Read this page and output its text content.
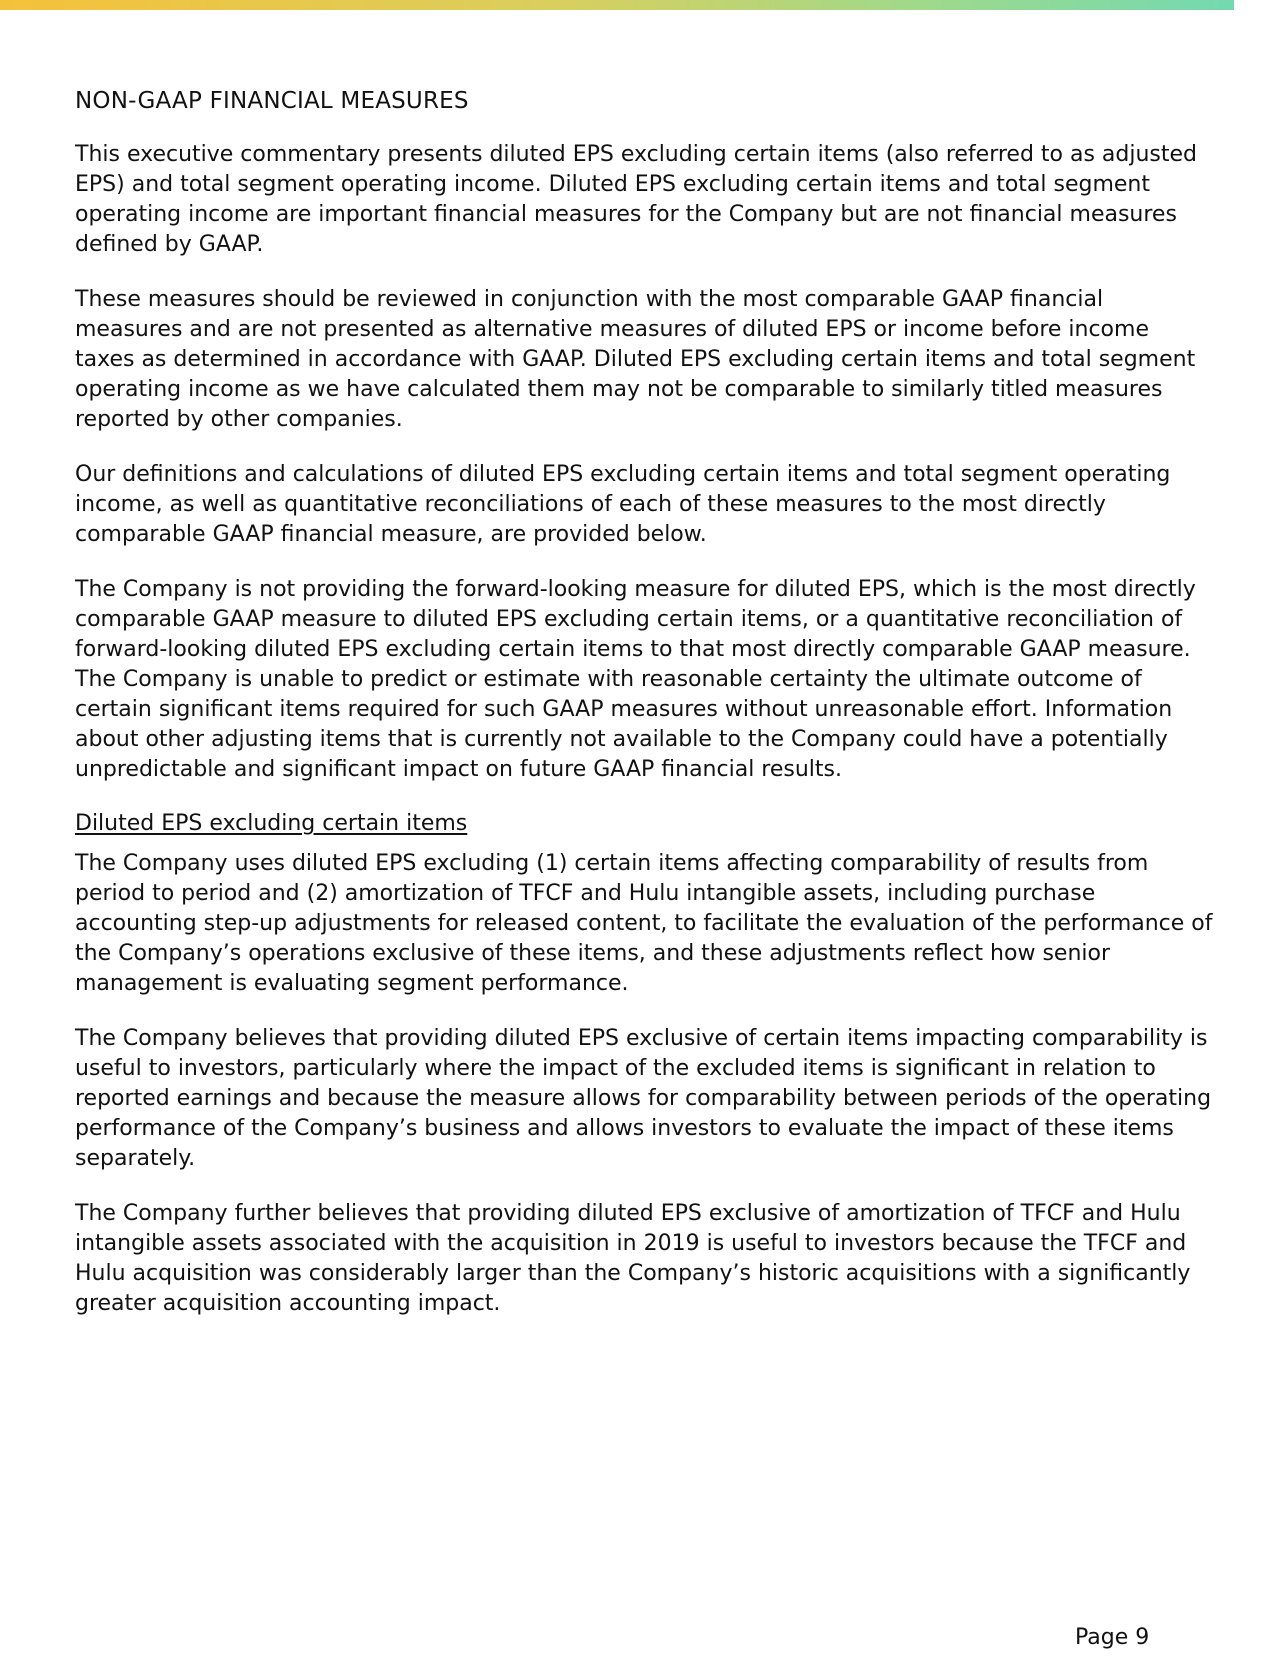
NON-GAAP FINANCIAL MEASURES

This executive commentary presents diluted EPS excluding certain items (also referred to as adjusted EPS) and total segment operating income. Diluted EPS excluding certain items and total segment operating income are important financial measures for the Company but are not financial measures defined by GAAP.

These measures should be reviewed in conjunction with the most comparable GAAP financial measures and are not presented as alternative measures of diluted EPS or income before income taxes as determined in accordance with GAAP. Diluted EPS excluding certain items and total segment operating income as we have calculated them may not be comparable to similarly titled measures reported by other companies.

Our definitions and calculations of diluted EPS excluding certain items and total segment operating income, as well as quantitative reconciliations of each of these measures to the most directly comparable GAAP financial measure, are provided below.

The Company is not providing the forward-looking measure for diluted EPS, which is the most directly comparable GAAP measure to diluted EPS excluding certain items, or a quantitative reconciliation of forward-looking diluted EPS excluding certain items to that most directly comparable GAAP measure. The Company is unable to predict or estimate with reasonable certainty the ultimate outcome of certain significant items required for such GAAP measures without unreasonable effort. Information about other adjusting items that is currently not available to the Company could have a potentially unpredictable and significant impact on future GAAP financial results.

Diluted EPS excluding certain items

The Company uses diluted EPS excluding (1) certain items affecting comparability of results from period to period and (2) amortization of TFCF and Hulu intangible assets, including purchase accounting step-up adjustments for released content, to facilitate the evaluation of the performance of the Company’s operations exclusive of these items, and these adjustments reflect how senior management is evaluating segment performance.

The Company believes that providing diluted EPS exclusive of certain items impacting comparability is useful to investors, particularly where the impact of the excluded items is significant in relation to reported earnings and because the measure allows for comparability between periods of the operating performance of the Company’s business and allows investors to evaluate the impact of these items separately.

The Company further believes that providing diluted EPS exclusive of amortization of TFCF and Hulu intangible assets associated with the acquisition in 2019 is useful to investors because the TFCF and Hulu acquisition was considerably larger than the Company’s historic acquisitions with a significantly greater acquisition accounting impact.

Page 9
